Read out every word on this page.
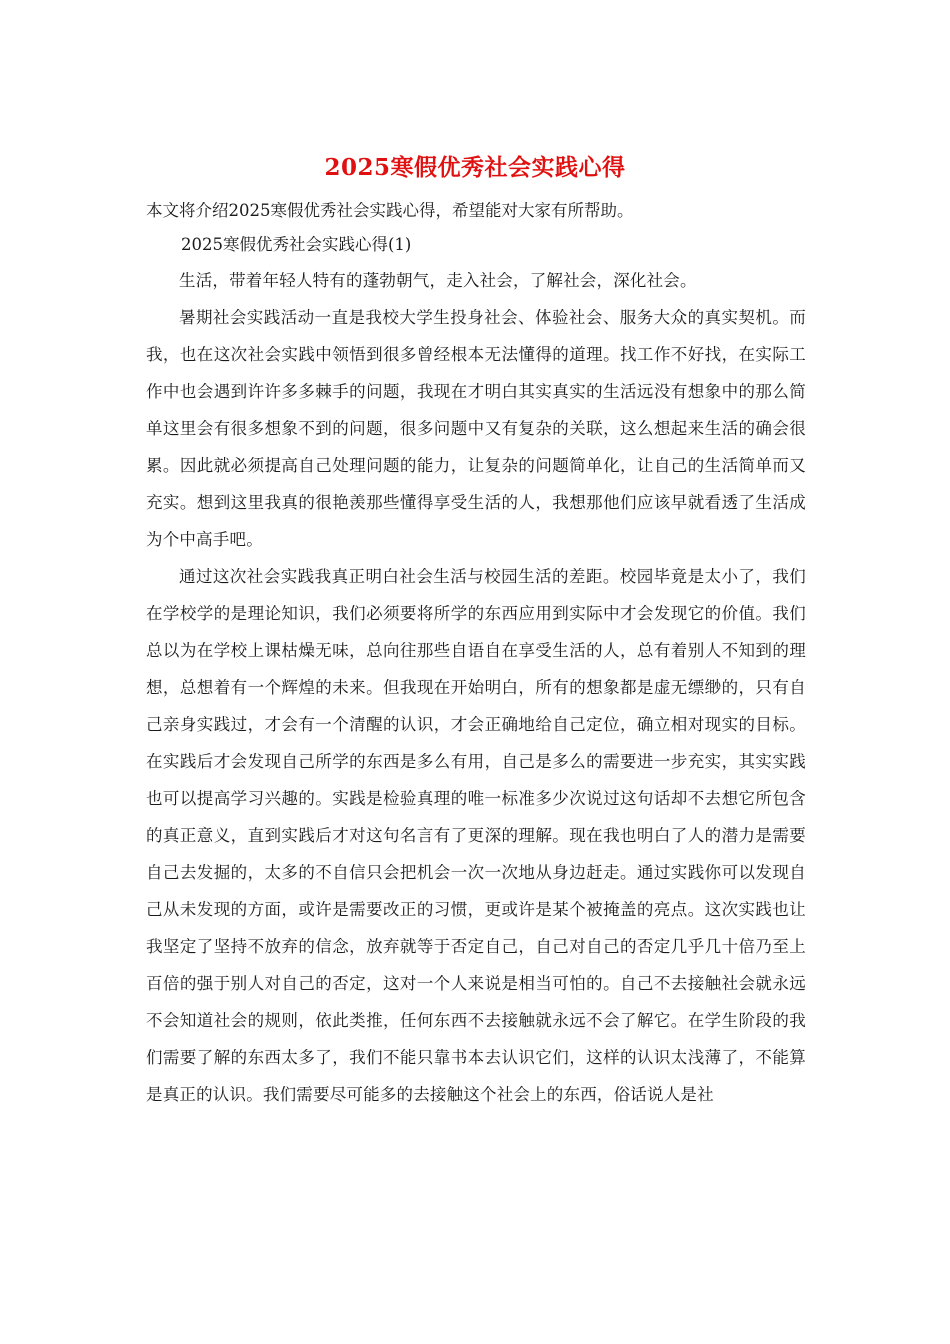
2025寒假优秀社会实践心得
本文将介绍2025寒假优秀社会实践心得，希望能对大家有所帮助。
2025寒假优秀社会实践心得(1)

生活，带着年轻人特有的蓬勃朝气，走入社会，了解社会，深化社会。

暑期社会实践活动一直是我校大学生投身社会、体验社会、服务大众的真实契机。而我，也在这次社会实践中领悟到很多曾经根本无法懂得的道理。找工作不好找，在实际工作中也会遇到许许多多棘手的问题，我现在才明白其实真实的生活远没有想象中的那么简单这里会有很多想象不到的问题，很多问题中又有复杂的关联，这么想起来生活的确会很累。因此就必须提高自己处理问题的能力，让复杂的问题简单化，让自己的生活简单而又充实。想到这里我真的很艳羡那些懂得享受生活的人，我想那他们应该早就看透了生活成为个中高手吧。

通过这次社会实践我真正明白社会生活与校园生活的差距。校园毕竟是太小了，我们在学校学的是理论知识，我们必须要将所学的东西应用到实际中才会发现它的价值。我们总以为在学校上课枯燥无味，总向往那些自语自在享受生活的人，总有着别人不知到的理想，总想着有一个辉煌的未来。但我现在开始明白，所有的想象都是虚无缥缈的，只有自己亲身实践过，才会有一个清醒的认识，才会正确地给自己定位，确立相对现实的目标。在实践后才会发现自己所学的东西是多么有用，自己是多么的需要进一步充实，其实实践也可以提高学习兴趣的。实践是检验真理的唯一标准多少次说过这句话却不去想它所包含的真正意义，直到实践后才对这句名言有了更深的理解。现在我也明白了人的潜力是需要自己去发掘的，太多的不自信只会把机会一次一次地从身边赶走。通过实践你可以发现自己从未发现的方面，或许是需要改正的习惯，更或许是某个被掩盖的亮点。这次实践也让我坚定了坚持不放弃的信念，放弃就等于否定自己，自己对自己的否定几乎几十倍乃至上百倍的强于别人对自己的否定，这对一个人来说是相当可怕的。自己不去接触社会就永远不会知道社会的规则，依此类推，任何东西不去接触就永远不会了解它。在学生阶段的我们需要了解的东西太多了，我们不能只靠书本去认识它们，这样的认识太浅薄了，不能算是真正的认识。我们需要尽可能多的去接触这个社会上的东西，俗话说人是社
